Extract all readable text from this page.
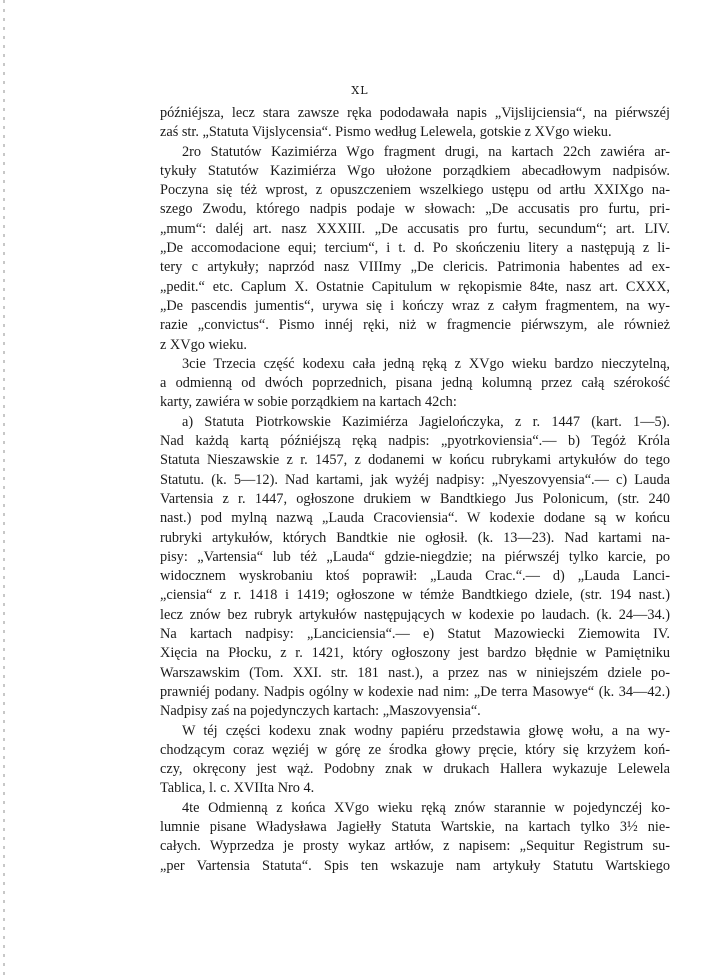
XL
późniéjsza, lecz stara zawsze ręka pododawała napis „Vijslijciensia“, na piérwszéj
zaś str. „Statuta Vijslycensia“. Pismo według Lelewela, gotskie z XVgo wieku.
2ro Statutów Kazimiérza Wgo fragment drugi, na kartach 22ch zawiéra ar-
tykuły Statutów Kazimiérza Wgo ułożone porządkiem abecadłowym nadpisów.
Poczyna się téż wprost, z opuszczeniem wszelkiego ustępu od artłu XXIXgo na-
szego Zwodu, którego nadpis podaje w słowach: „De accusatis pro furtu, pri-
„mum“: daléj art. nasz XXXIII. „De accusatis pro furtu, secundum“; art. LIV.
„De accomodacione equi; tercium“, i t. d. Po skończeniu litery a następują z li-
tery c artykuły; naprzód nasz VIIImy „De clericis. Patrimonia habentes ad ex-
„pedit.“ etc. Caplum X. Ostatnie Capitulum w rękopismie 84te, nasz art. CXXX,
„De pascendis jumentis“, urywa się i kończy wraz z całym fragmentem, na wy-
razie „convictus“. Pismo innéj ręki, niż w fragmencie piérwszym, ale również
z XVgo wieku.
3cie Trzecia część kodexu cała jedną ręką z XVgo wieku bardzo nieczytelną,
a odmienną od dwóch poprzednich, pisana jedną kolumną przez całą szérokość
karty, zawiéra w sobie porządkiem na kartach 42ch:
a) Statuta Piotrkowskie Kazimiérza Jagielończyka, z r. 1447 (kart. 1—5).
Nad każdą kartą późniéjszą ręką nadpis: „pyotrkoviensia“.— b) Tegóż Króla
Statuta Nieszawskie z r. 1457, z dodanemi w końcu rubrykami artykułów do tego
Statutu. (k. 5—12). Nad kartami, jak wyżéj nadpisy: „Nyeszovyensia“.— c) Lauda
Vartensia z r. 1447, ogłoszone drukiem w Bandtkiego Jus Polonicum, (str. 240
nast.) pod mylną nazwą „Lauda Cracoviensia“. W kodexie dodane są w końcu
rubryki artykułów, których Bandtkie nie ogłosił. (k. 13—23). Nad kartami na-
pisy: „Vartensia“ lub téż „Lauda“ gdzie-niegdzie; na piérwszéj tylko karcie, po
widocznem wyskrobaniu ktoś poprawił: „Lauda Crac.“.— d) „Lauda Lanci-
„ciensia“ z r. 1418 i 1419; ogłoszone w témże Bandtkiego dziele, (str. 194 nast.)
lecz znów bez rubryk artykułów następujących w kodexie po laudach. (k. 24—34.)
Na kartach nadpisy: „Lanciciensia“.— e) Statut Mazowiecki Ziemowita IV.
Xięcia na Płocku, z r. 1421, który ogłoszony jest bardzo błędnie w Pamiętniku
Warszawskim (Tom. XXI. str. 181 nast.), a przez nas w niniejszém dziele po-
prawniéj podany. Nadpis ogólny w kodexie nad nim: „De terra Masowye“ (k. 34—42.)
Nadpisy zaś na pojedynczych kartach: „Maszovyensia“.
W téj części kodexu znak wodny papiéru przedstawia głowę wołu, a na wy-
chodzącym coraz węziéj w górę ze środka głowy pręcie, który się krzyżem koń-
czy, okręcony jest wąż. Podobny znak w drukach Hallera wykazuje Lelewela
Tablica, l. c. XVIIta Nro 4.
4te Odmienną z końca XVgo wieku ręką znów starannie w pojedynczéj ko-
lumnie pisane Władysława Jagiełły Statuta Wartskie, na kartach tylko 3½ nie-
całych. Wyprzedza je prosty wykaz artłów, z napisem: „Sequitur Registrum su-
„per Vartensia Statuta“. Spis ten wskazuje nam artykuły Statutu Wartskiego
